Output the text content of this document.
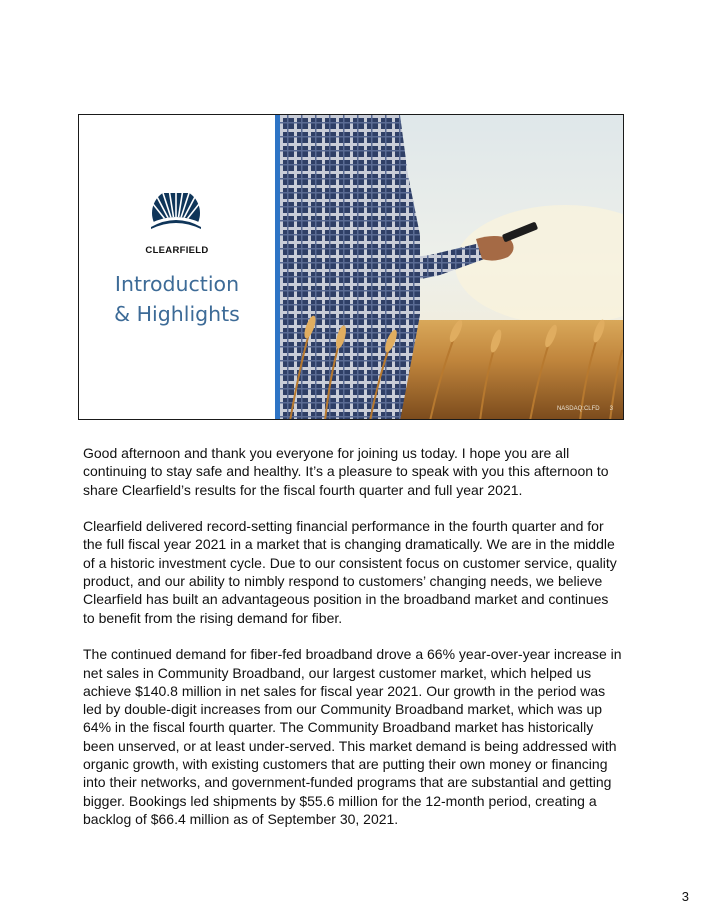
CLEARFIELD
Introduction
& Highlights
NASDAQ:CLFD 3

Good afternoon and thank you everyone for joining us today. I hope you are all continuing to stay safe and healthy. It’s a pleasure to speak with you this afternoon to share Clearfield’s results for the fiscal fourth quarter and full year 2021.

Clearfield delivered record-setting financial performance in the fourth quarter and for the full fiscal year 2021 in a market that is changing dramatically. We are in the middle of a historic investment cycle. Due to our consistent focus on customer service, quality product, and our ability to nimbly respond to customers’ changing needs, we believe Clearfield has built an advantageous position in the broadband market and continues to benefit from the rising demand for fiber.

The continued demand for fiber-fed broadband drove a 66% year-over-year increase in net sales in Community Broadband, our largest customer market, which helped us achieve $140.8 million in net sales for fiscal year 2021. Our growth in the period was led by double-digit increases from our Community Broadband market, which was up 64% in the fiscal fourth quarter. The Community Broadband market has historically been unserved, or at least under-served. This market demand is being addressed with organic growth, with existing customers that are putting their own money or financing into their networks, and government-funded programs that are substantial and getting bigger. Bookings led shipments by $55.6 million for the 12-month period, creating a backlog of $66.4 million as of September 30, 2021.

3
